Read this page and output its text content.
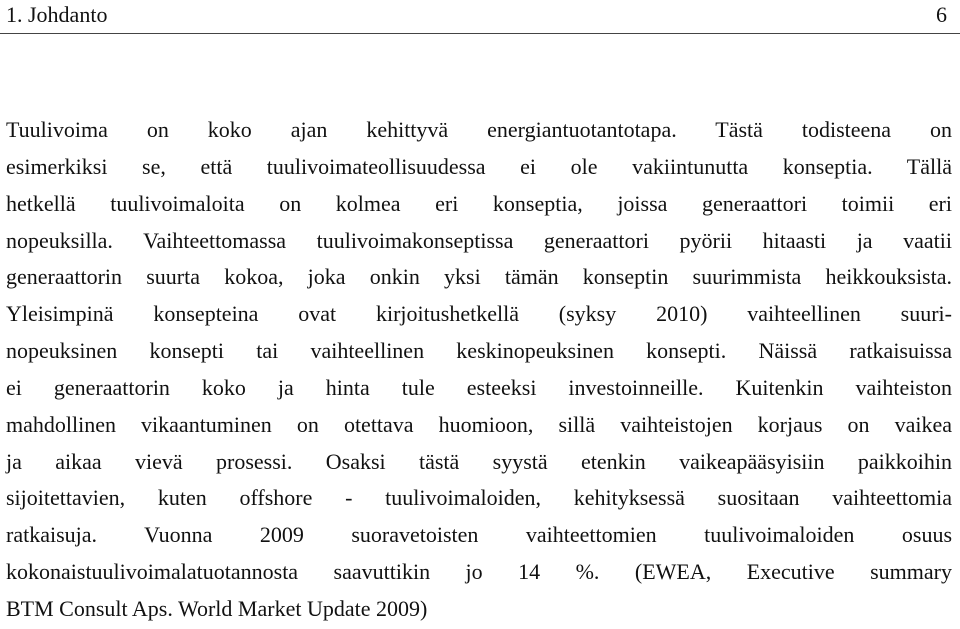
1. Johdanto	6
Tuulivoima on koko ajan kehittyvä energiantuotantotapa. Tästä todisteena on
esimerkiksi se, että tuulivoimateollisuudessa ei ole vakiintunutta konseptia. Tällä
hetkellä tuulivoimaloita on kolmea eri konseptia, joissa generaattori toimii eri
nopeuksilla. Vaihteettomassa tuulivoimakonseptissa generaattori pyörii hitaasti ja vaatii
generaattorin suurta kokoa, joka onkin yksi tämän konseptin suurimmista heikkouksista.
Yleisimpinä konsepteina ovat kirjoitushetkellä (syksy 2010) vaihteellinen suuri-
nopeuksinen konsepti tai vaihteellinen keskinopeuksinen konsepti. Näissä ratkaisuissa
ei generaattorin koko ja hinta tule esteeksi investoinneille. Kuitenkin vaihteiston
mahdollinen vikaantuminen on otettava huomioon, sillä vaihteistojen korjaus on vaikea
ja aikaa vievä prosessi. Osaksi tästä syystä etenkin vaikeapääsyisiin paikkoihin
sijoitettavien, kuten offshore - tuulivoimaloiden, kehityksessä suositaan vaihteettomia
ratkaisuja. Vuonna 2009 suoravetoisten vaihteettomien tuulivoimaloiden osuus
kokonaistuulivoimalatuotannosta saavuttikin jo 14 %. (EWEA, Executive summary
BTM Consult Aps. World Market Update 2009)
